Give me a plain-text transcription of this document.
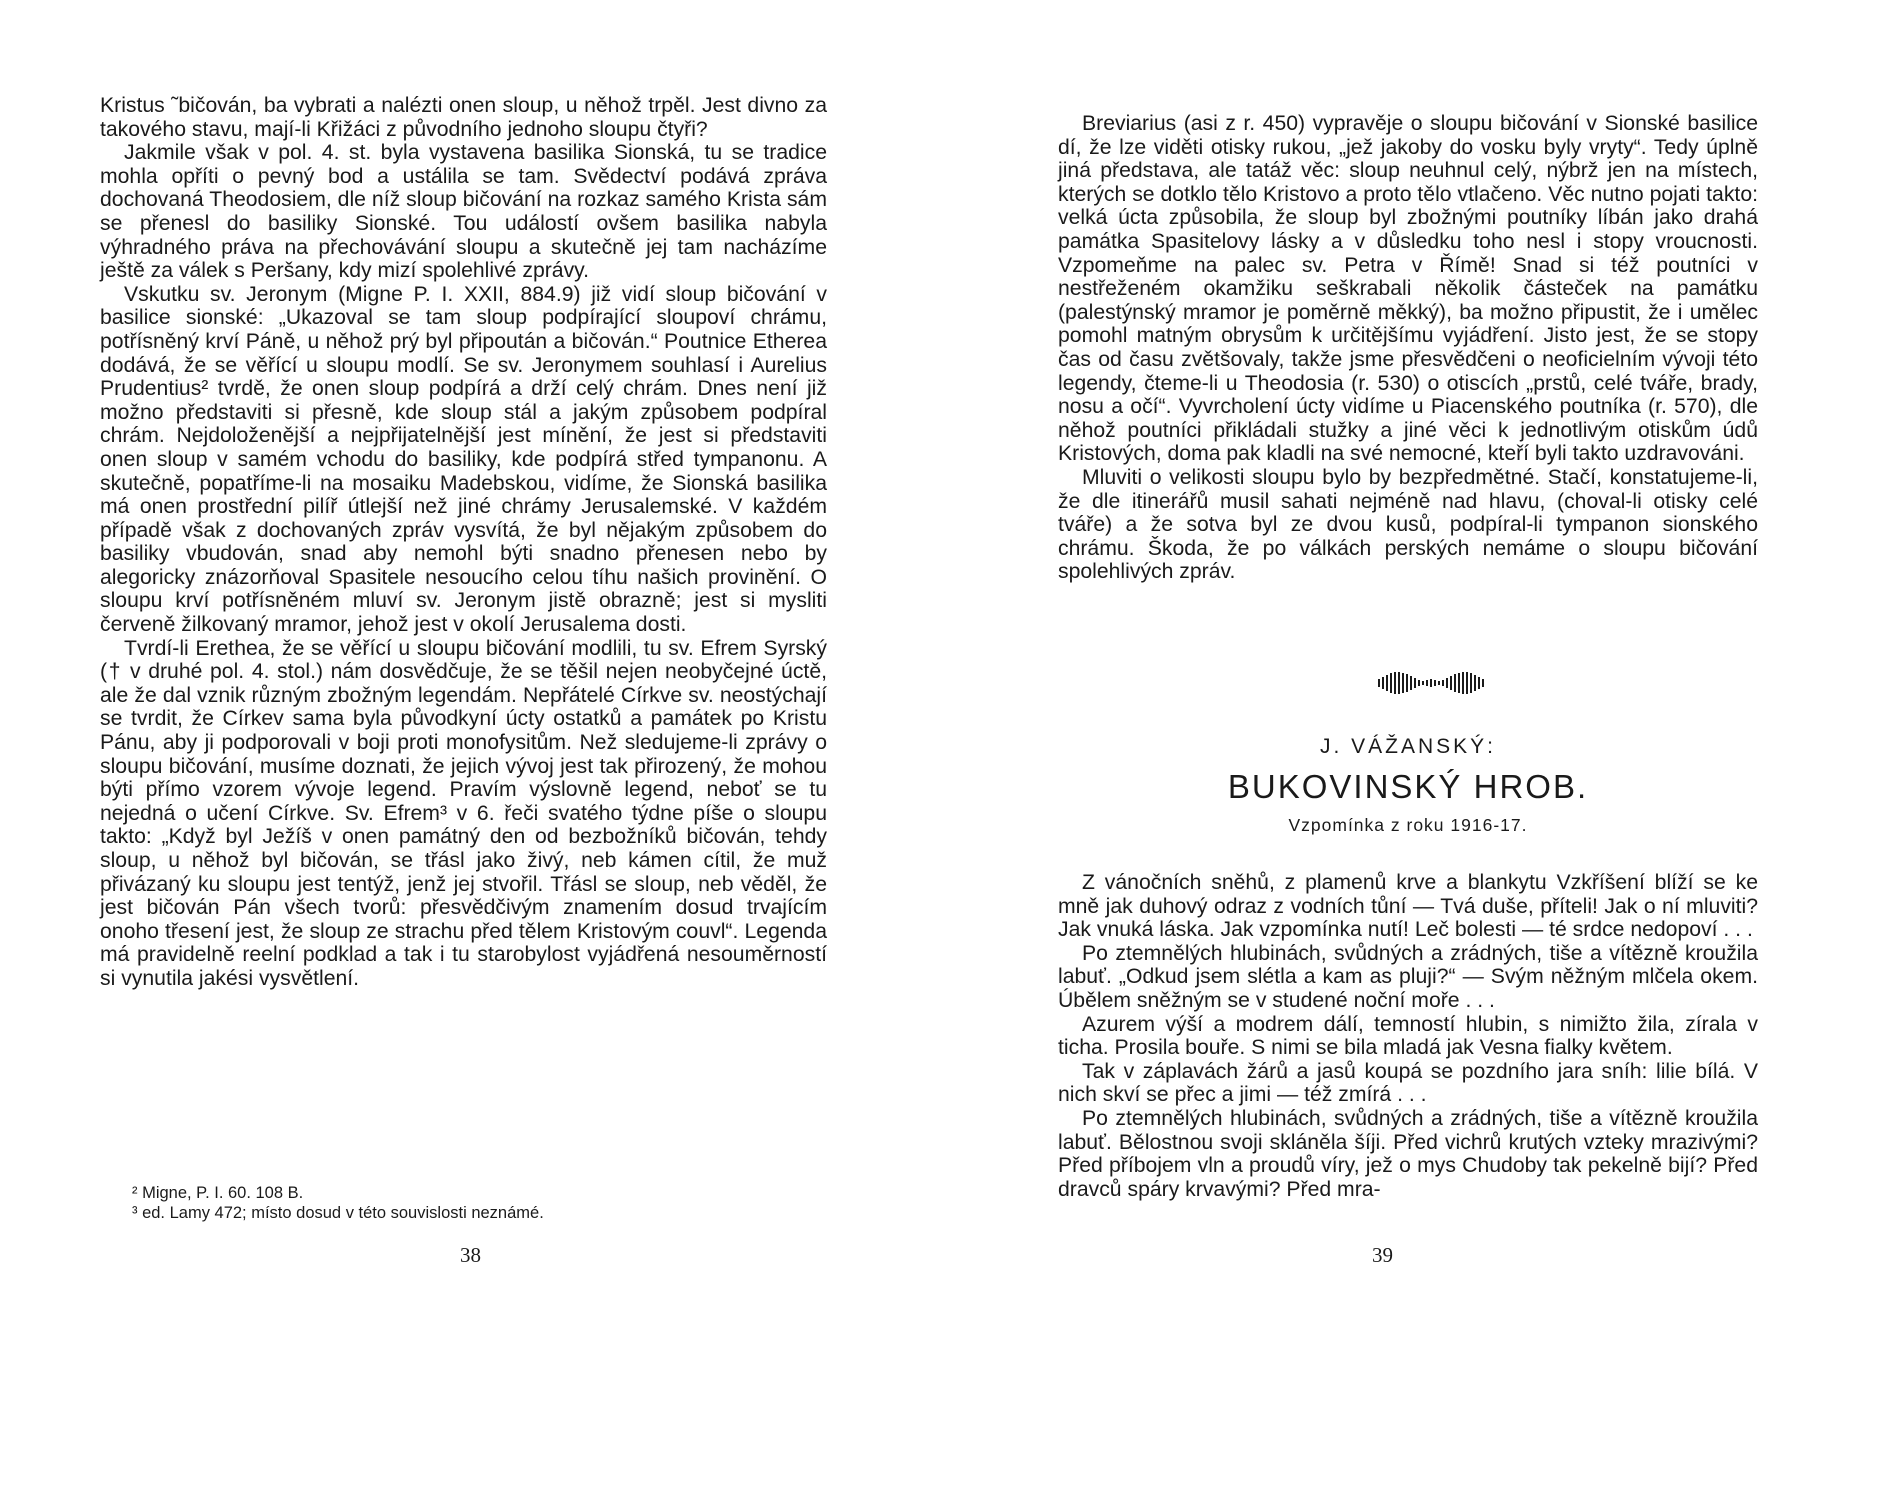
Kristus ˜bičován, ba vybrati a nalézti onen sloup, u něhož trpěl. Jest divno za takového stavu, mají-li Křižáci z původního jednoho sloupu čtyři?

Jakmile však v pol. 4. st. byla vystavena basilika Sionská, tu se tradice mohla opříti o pevný bod a ustálila se tam. Svědectví podává zpráva dochovaná Theodosiem, dle níž sloup bičování na rozkaz samého Krista sám se přenesl do basiliky Sionské. Tou událostí ovšem basilika nabyla výhradného práva na přechovávání sloupu a skutečně jej tam nacházíme ještě za válek s Peršany, kdy mizí spolehlivé zprávy.

Vskutku sv. Jeronym (Migne P. I. XXII, 884.9) již vidí sloup bičování v basilice sionské: „Ukazoval se tam sloup podpírající sloupoví chrámu, potřísněný krví Páně, u něhož prý byl připoután a bičován.“ Poutnice Etherea dodává, že se věřící u sloupu modlí. Se sv. Jeronymem souhlasí i Aurelius Prudentius² tvrdě, že onen sloup podpírá a drží celý chrám. Dnes není již možno představiti si přesně, kde sloup stál a jakým způsobem podpíral chrám. Nejdoloženější a nejpřijatelnější jest mínění, že jest si představiti onen sloup v samém vchodu do basiliky, kde podpírá střed tympanonu. A skutečně, popatříme-li na mosaiku Madebskou, vidíme, že Sionská basilika má onen prostřední pilíř útlejší než jiné chrámy Jerusalemské. V každém případě však z dochovaných zpráv vysvítá, že byl nějakým způsobem do basiliky vbudován, snad aby nemohl býti snadno přenesen nebo by alegoricky znázorňoval Spasitele nesoucího celou tíhu našich provinění. O sloupu krví potřísněném mluví sv. Jeronym jistě obrazně; jest si mysliti červeně žilkovaný mramor, jehož jest v okolí Jerusalema dosti.

Tvrdí-li Erethea, že se věřící u sloupu bičování modlili, tu sv. Efrem Syrský († v druhé pol. 4. stol.) nám dosvědčuje, že se těšil nejen neobyčejné úctě, ale že dal vznik různým zbožným legendám. Nepřátelé Církve sv. neostýchají se tvrdit, že Církev sama byla původkyní úcty ostatků a památek po Kristu Pánu, aby ji podporovali v boji proti monofysitům. Než sledujeme-li zprávy o sloupu bičování, musíme doznati, že jejich vývoj jest tak přirozený, že mohou býti přímo vzorem vývoje legend. Pravím výslovně legend, neboť se tu nejedná o učení Církve. Sv. Efrem³ v 6. řeči svatého týdne píše o sloupu takto: „Když byl Ježíš v onen památný den od bezbožníků bičován, tehdy sloup, u něhož byl bičován, se třásl jako živý, neb kámen cítil, že muž přivázaný ku sloupu jest tentýž, jenž jej stvořil. Třásl se sloup, neb věděl, že jest bičován Pán všech tvorů: přesvědčivým znamením dosud trvajícím onoho třesení jest, že sloup ze strachu před tělem Kristovým couvl“. Legenda má pravidelně reelní podklad a tak i tu starobylost vyjádřená nesouměrností si vynutila jakési vysvětlení.

² Migne, P. I. 60. 108 B.

³ ed. Lamy 472; místo dosud v této souvislosti neznámé.

38

Breviarius (asi z r. 450) vypravěje o sloupu bičování v Sionské basilice dí, že lze viděti otisky rukou, „jež jakoby do vosku byly vryty“. Tedy úplně jiná představa, ale tatáž věc: sloup neuhnul celý, nýbrž jen na místech, kterých se dotklo tělo Kristovo a proto tělo vtlačeno. Věc nutno pojati takto: velká úcta způsobila, že sloup byl zbožnými poutníky líbán jako drahá památka Spasitelovy lásky a v důsledku toho nesl i stopy vroucnosti. Vzpomeňme na palec sv. Petra v Římě! Snad si též poutníci v nestřeženém okamžiku seškrabali několik částeček na památku (palestýnský mramor je poměrně měkký), ba možno připustit, že i umělec pomohl matným obrysům k určitějšímu vyjádření. Jisto jest, že se stopy čas od času zvětšovaly, takže jsme přesvědčeni o neoficielním vývoji této legendy, čteme-li u Theodosia (r. 530) o otiscích „prstů, celé tváře, brady, nosu a očí“. Vyvrcholení úcty vidíme u Piacenského poutníka (r. 570), dle něhož poutníci přikládali stužky a jiné věci k jednotlivým otiskům údů Kristových, doma pak kladli na své nemocné, kteří byli takto uzdravováni.

Mluviti o velikosti sloupu bylo by bezpředmětné. Stačí, konstatujeme-li, že dle itinerářů musil sahati nejméně nad hlavu, (choval-li otisky celé tváře) a že sotva byl ze dvou kusů, podpíral-li tympanon sionského chrámu. Škoda, že po válkách perských nemáme o sloupu bičování spolehlivých zpráv.

J. VÁŽANSKÝ:
BUKOVINSKÝ HROB.
Vzpomínka z roku 1916-17.

Z vánočních sněhů, z plamenů krve a blankytu Vzkříšení blíží se ke mně jak duhový odraz z vodních tůní — Tvá duše, příteli! Jak o ní mluviti? Jak vnuká láska. Jak vzpomínka nutí! Leč bolesti — té srdce nedopoví . . .

Po ztemnělých hlubinách, svůdných a zrádných, tiše a vítězně kroužila labuť. „Odkud jsem slétla a kam as pluji?“ — Svým něžným mlčela okem. Úbělem sněžným se v studené noční moře . . .

Azurem výší a modrem dálí, temností hlubin, s nimižto žila, zírala v ticha. Prosila bouře. S nimi se bila mladá jak Vesna fialky květem.

Tak v záplavách žárů a jasů koupá se pozdního jara sníh: lilie bílá. V nich skví se přec a jimi — též zmírá . . .

Po ztemnělých hlubinách, svůdných a zrádných, tiše a vítězně kroužila labuť. Bělostnou svoji skláněla šíji. Před vichrů krutých vzteky mrazivými? Před příbojem vln a proudů víry, jež o mys Chudoby tak pekelně bijí? Před dravců spáry krvavými? Před mra-

39
